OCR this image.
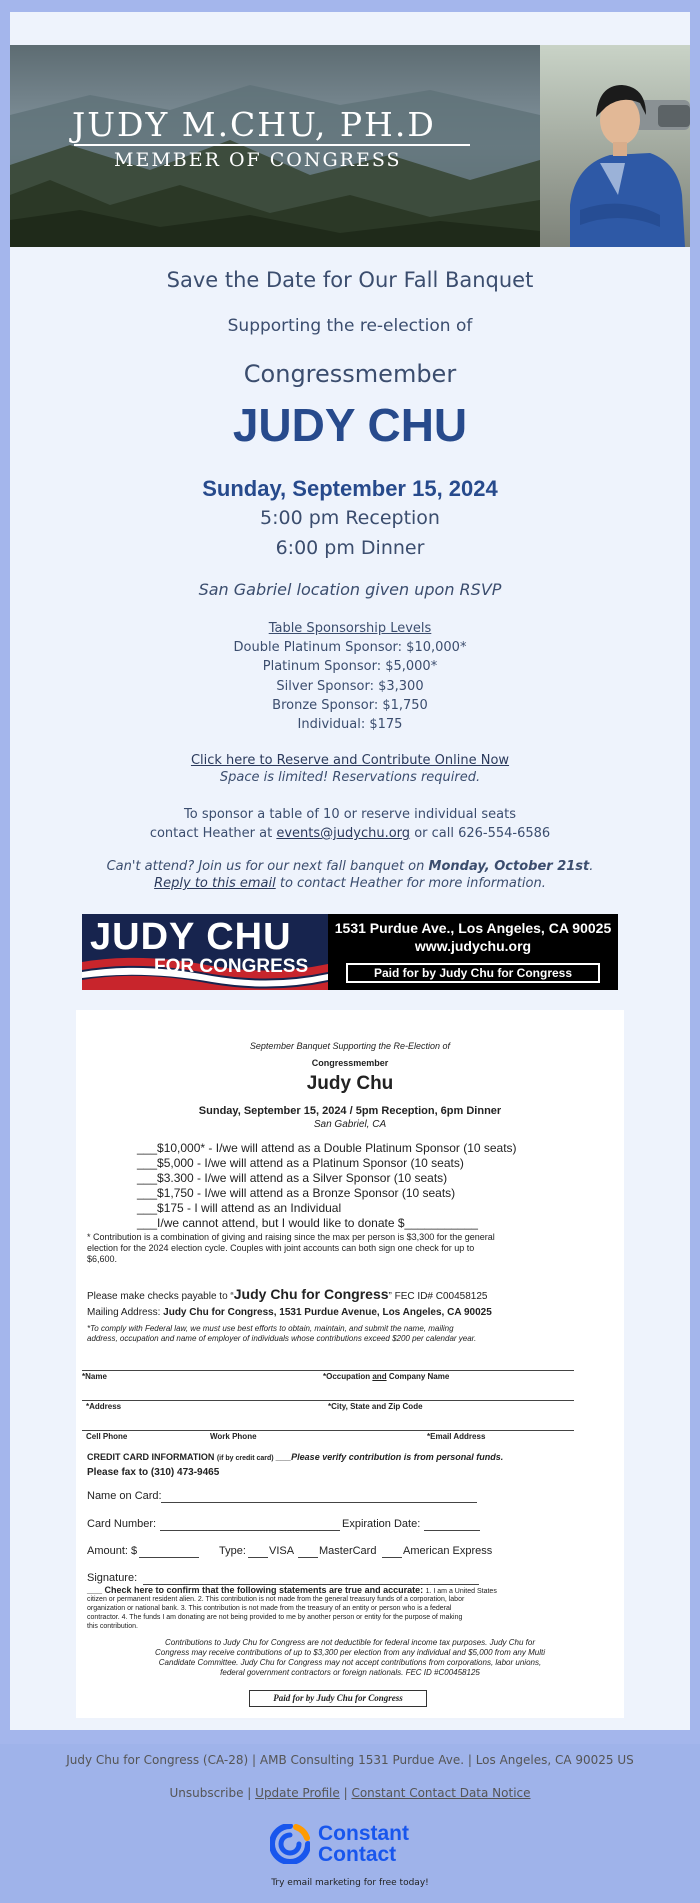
JUDY M.CHU, PH.D
MEMBER OF CONGRESS
Save the Date for Our Fall Banquet
Supporting the re-election of
Congressmember
JUDY CHU
Sunday, September 15, 2024
5:00 pm Reception
6:00 pm Dinner
San Gabriel location given upon RSVP
Table Sponsorship Levels
Double Platinum Sponsor: $10,000*
Platinum Sponsor: $5,000*
Silver Sponsor: $3,300
Bronze Sponsor: $1,750
Individual: $175
Click here to Reserve and Contribute Online Now
Space is limited! Reservations required.
To sponsor a table of 10 or reserve individual seats
contact Heather at events@judychu.org or call 626-554-6586
Can't attend? Join us for our next fall banquet on Monday, October 21st.
Reply to this email to contact Heather for more information.
JUDY CHU
FOR CONGRESS
1531 Purdue Ave., Los Angeles, CA 90025
www.judychu.org
Paid for by Judy Chu for Congress
September Banquet Supporting the Re-Election of
Congressmember
Judy Chu
Sunday, September 15, 2024 / 5pm Reception, 6pm Dinner
San Gabriel, CA
___$10,000* - I/we will attend as a Double Platinum Sponsor (10 seats)
___$5,000 - I/we will attend as a Platinum Sponsor (10 seats)
___$3.300 - I/we will attend as a Silver Sponsor (10 seats)
___$1,750 - I/we will attend as a Bronze Sponsor (10 seats)
___$175 - I will attend as an Individual
___I/we cannot attend, but I would like to donate $___________
* Contribution is a combination of giving and raising since the max per person is $3,300 for the general
election for the 2024 election cycle. Couples with joint accounts can both sign one check for up to
$6,600.
Please make checks payable to “Judy Chu for Congress” FEC ID# C00458125
Mailing Address: Judy Chu for Congress, 1531 Purdue Avenue, Los Angeles, CA 90025
*To comply with Federal law, we must use best efforts to obtain, maintain, and submit the name, mailing
address, occupation and name of employer of individuals whose contributions exceed $200 per calendar year.
*Name	*Occupation and Company Name
*Address	*City, State and Zip Code
Cell Phone	Work Phone	*Email Address
CREDIT CARD INFORMATION (if by credit card) ___Please verify contribution is from personal funds.
Please fax to (310) 473-9465
Name on Card:
Card Number:	Expiration Date:
Amount: $	Type: VISA MasterCard American Express
Signature:
___ Check here to confirm that the following statements are true and accurate: 1. I am a United States
citizen or permanent resident alien. 2. This contribution is not made from the general treasury funds of a corporation, labor
organization or national bank. 3. This contribution is not made from the treasury of an entity or person who is a federal
contractor. 4. The funds I am donating are not being provided to me by another person or entity for the purpose of making
this contribution.
Contributions to Judy Chu for Congress are not deductible for federal income tax purposes. Judy Chu for
Congress may receive contributions of up to $3,300 per election from any individual and $5,000 from any Multi
Candidate Committee. Judy Chu for Congress may not accept contributions from corporations, labor unions,
federal government contractors or foreign nationals. FEC ID #C00458125
Paid for by Judy Chu for Congress
Judy Chu for Congress (CA-28) | AMB Consulting 1531 Purdue Ave. | Los Angeles, CA 90025 US
Unsubscribe | Update Profile | Constant Contact Data Notice
Constant
Contact
Try email marketing for free today!
